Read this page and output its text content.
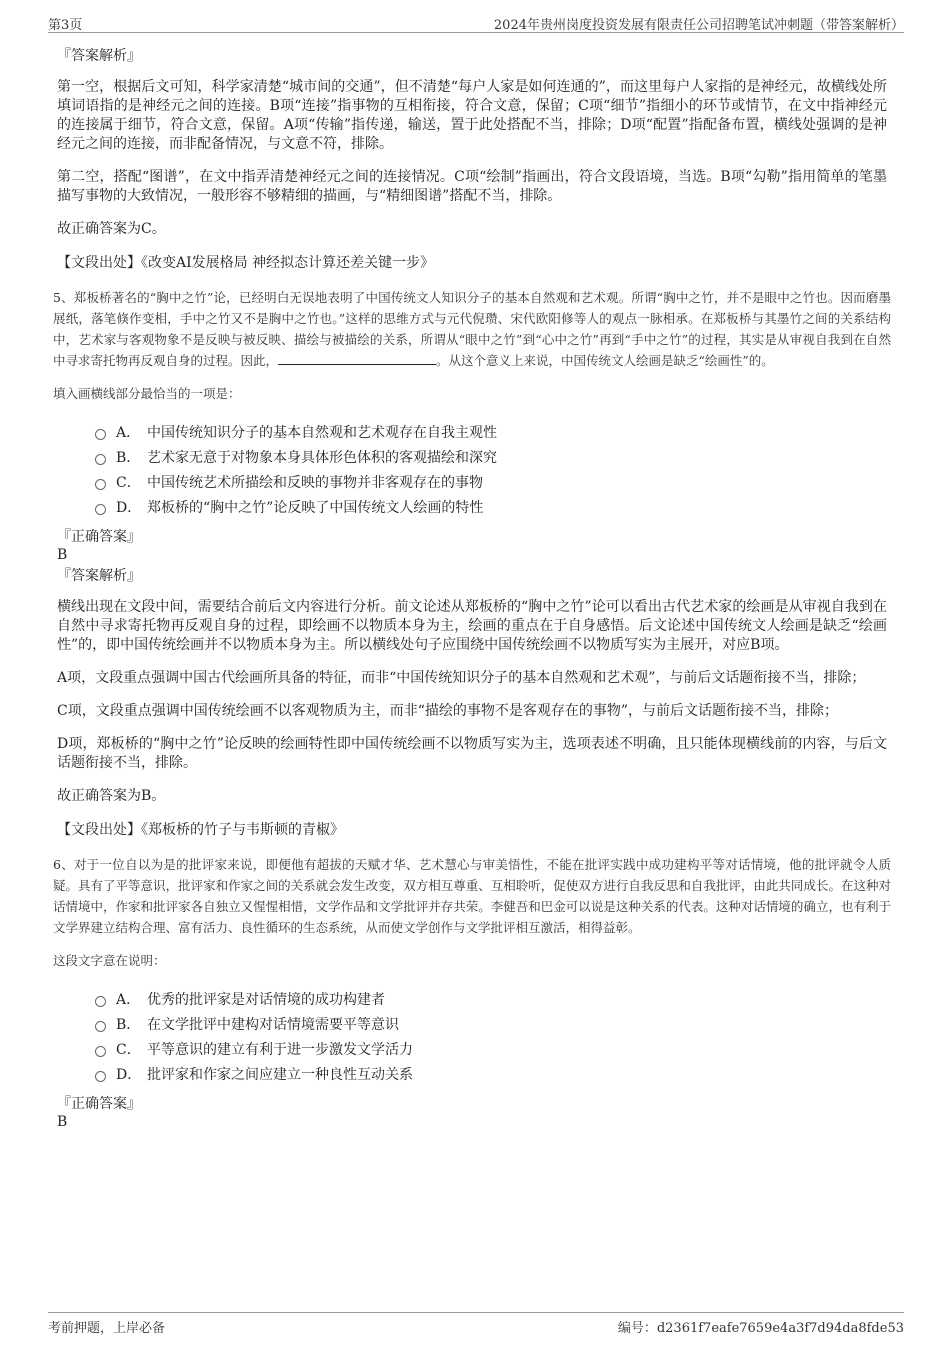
第3页	2024年贵州岗度投资发展有限责任公司招聘笔试冲刺题（带答案解析）

『答案解析』

第一空，根据后文可知，科学家清楚“城市间的交通”，但不清楚“每户人家是如何连通的”，而这里每户人家指的是神经元，故横线处所填词语指的是神经元之间的连接。B项“连接”指事物的互相衔接，符合文意，保留；C项“细节”指细小的环节或情节，在文中指神经元的连接属于细节，符合文意，保留。A项“传输”指传递，输送，置于此处搭配不当，排除；D项“配置”指配备布置，横线处强调的是神经元之间的连接，而非配备情况，与文意不符，排除。

第二空，搭配“图谱”，在文中指弄清楚神经元之间的连接情况。C项“绘制”指画出，符合文段语境，当选。B项“勾勒”指用简单的笔墨描写事物的大致情况，一般形容不够精细的描画，与“精细图谱”搭配不当，排除。

故正确答案为C。

【文段出处】《改变AI发展格局 神经拟态计算还差关键一步》

5、郑板桥著名的“胸中之竹”论，已经明白无误地表明了中国传统文人知识分子的基本自然观和艺术观。所谓“胸中之竹，并不是眼中之竹也。因而磨墨展纸，落笔倏作变相，手中之竹又不是胸中之竹也。”这样的思维方式与元代倪瓒、宋代欧阳修等人的观点一脉相承。在郑板桥与其墨竹之间的关系结构中，艺术家与客观物象不是反映与被反映、描绘与被描绘的关系，所谓从“眼中之竹”到“心中之竹”再到“手中之竹”的过程，其实是从审视自我到在自然中寻求寄托物再反观自身的过程。因此，	。从这个意义上来说，中国传统文人绘画是缺乏“绘画性”的。

填入画横线部分最恰当的一项是：

A． 中国传统知识分子的基本自然观和艺术观存在自我主观性
B． 艺术家无意于对物象本身具体形色体积的客观描绘和深究
C． 中国传统艺术所描绘和反映的事物并非客观存在的事物
D． 郑板桥的“胸中之竹”论反映了中国传统文人绘画的特性

『正确答案』

B

『答案解析』

横线出现在文段中间，需要结合前后文内容进行分析。前文论述从郑板桥的“胸中之竹”论可以看出古代艺术家的绘画是从审视自我到在自然中寻求寄托物再反观自身的过程，即绘画不以物质本身为主，绘画的重点在于自身感悟。后文论述中国传统文人绘画是缺乏“绘画性”的，即中国传统绘画并不以物质本身为主。所以横线处句子应围绕中国传统绘画不以物质写实为主展开，对应B项。

A项，文段重点强调中国古代绘画所具备的特征，而非“中国传统知识分子的基本自然观和艺术观”，与前后文话题衔接不当，排除；

C项，文段重点强调中国传统绘画不以客观物质为主，而非“描绘的事物不是客观存在的事物”，与前后文话题衔接不当，排除；

D项，郑板桥的“胸中之竹”论反映的绘画特性即中国传统绘画不以物质写实为主，选项表述不明确，且只能体现横线前的内容，与后文话题衔接不当，排除。

故正确答案为B。

【文段出处】《郑板桥的竹子与韦斯顿的青椒》

6、对于一位自以为是的批评家来说，即便他有超拔的天赋才华、艺术慧心与审美悟性，不能在批评实践中成功建构平等对话情境，他的批评就令人质疑。具有了平等意识，批评家和作家之间的关系就会发生改变，双方相互尊重、互相聆听，促使双方进行自我反思和自我批评，由此共同成长。在这种对话情境中，作家和批评家各自独立又惺惺相惜，文学作品和文学批评并存共荣。李健吾和巴金可以说是这种关系的代表。这种对话情境的确立，也有利于文学界建立结构合理、富有活力、良性循环的生态系统，从而使文学创作与文学批评相互激活，相得益彰。

这段文字意在说明：

A． 优秀的批评家是对话情境的成功构建者
B． 在文学批评中建构对话情境需要平等意识
C． 平等意识的建立有利于进一步激发文学活力
D． 批评家和作家之间应建立一种良性互动关系

『正确答案』

B

考前押题，上岸必备	编号：d2361f7eafe7659e4a3f7d94da8fde53
